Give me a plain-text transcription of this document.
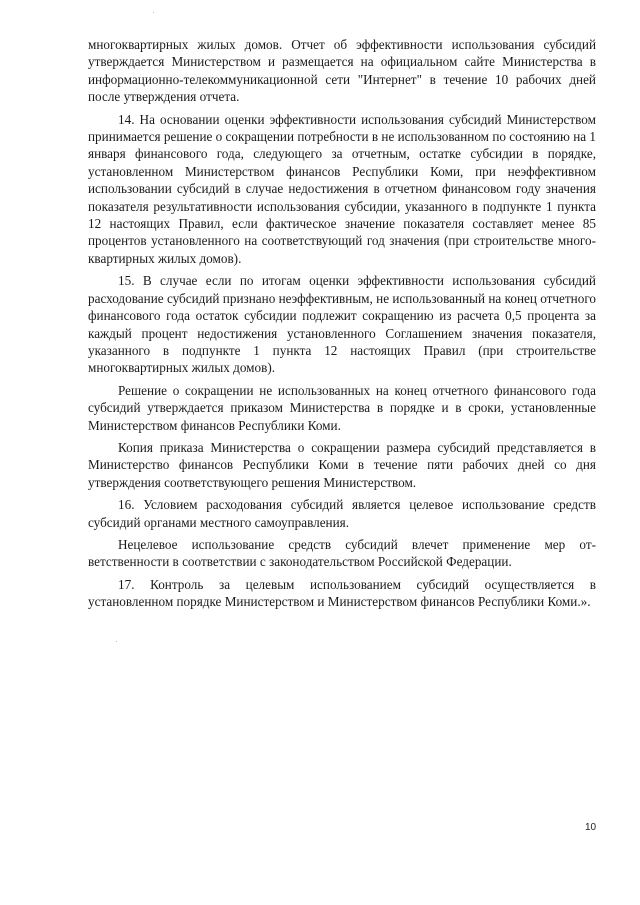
многоквартирных жилых домов. Отчет об эффективности использования субсидий утверждается Министерством и размещается на официальном сайте Министерства в информационно-телекоммуникационной сети "Интернет" в течение 10 рабочих дней после утверждения отчета.

14. На основании оценки эффективности использования субсидий Министерством принимается решение о сокращении потребности в не использованном по состоянию на 1 января финансового года, следующего за отчетным, остатке субсидии в порядке, установленном Министерством финансов Республики Коми, при неэффективном использовании субсидий в случае недостижения в отчетном финансовом году значения показателя результативности использования субсидии, указанного в подпункте 1 пункта 12 настоящих Правил, если фактическое значение показателя составляет менее 85 процентов установленного на соответствующий год значения (при строительстве многоквартирных жилых домов).

15. В случае если по итогам оценки эффективности использования субсидий расходование субсидий признано неэффективным, не использованный на конец отчетного финансового года остаток субсидии подлежит сокращению из расчета 0,5 процента за каждый процент недостижения установленного Соглашением значения показателя, указанного в подпункте 1 пункта 12 настоящих Правил (при строительстве многоквартирных жилых домов).

Решение о сокращении не использованных на конец отчетного финансового года субсидий утверждается приказом Министерства в порядке и в сроки, установленные Министерством финансов Республики Коми.

Копия приказа Министерства о сокращении размера субсидий представляется в Министерство финансов Республики Коми в течение пяти рабочих дней со дня утверждения соответствующего решения Министерством.

16. Условием расходования субсидий является целевое использование средств субсидий органами местного самоуправления.

Нецелевое использование средств субсидий влечет применение мер ответственности в соответствии с законодательством Российской Федерации.

17. Контроль за целевым использованием субсидий осуществляется в установленном порядке Министерством и Министерством финансов Республики Коми.».

10
